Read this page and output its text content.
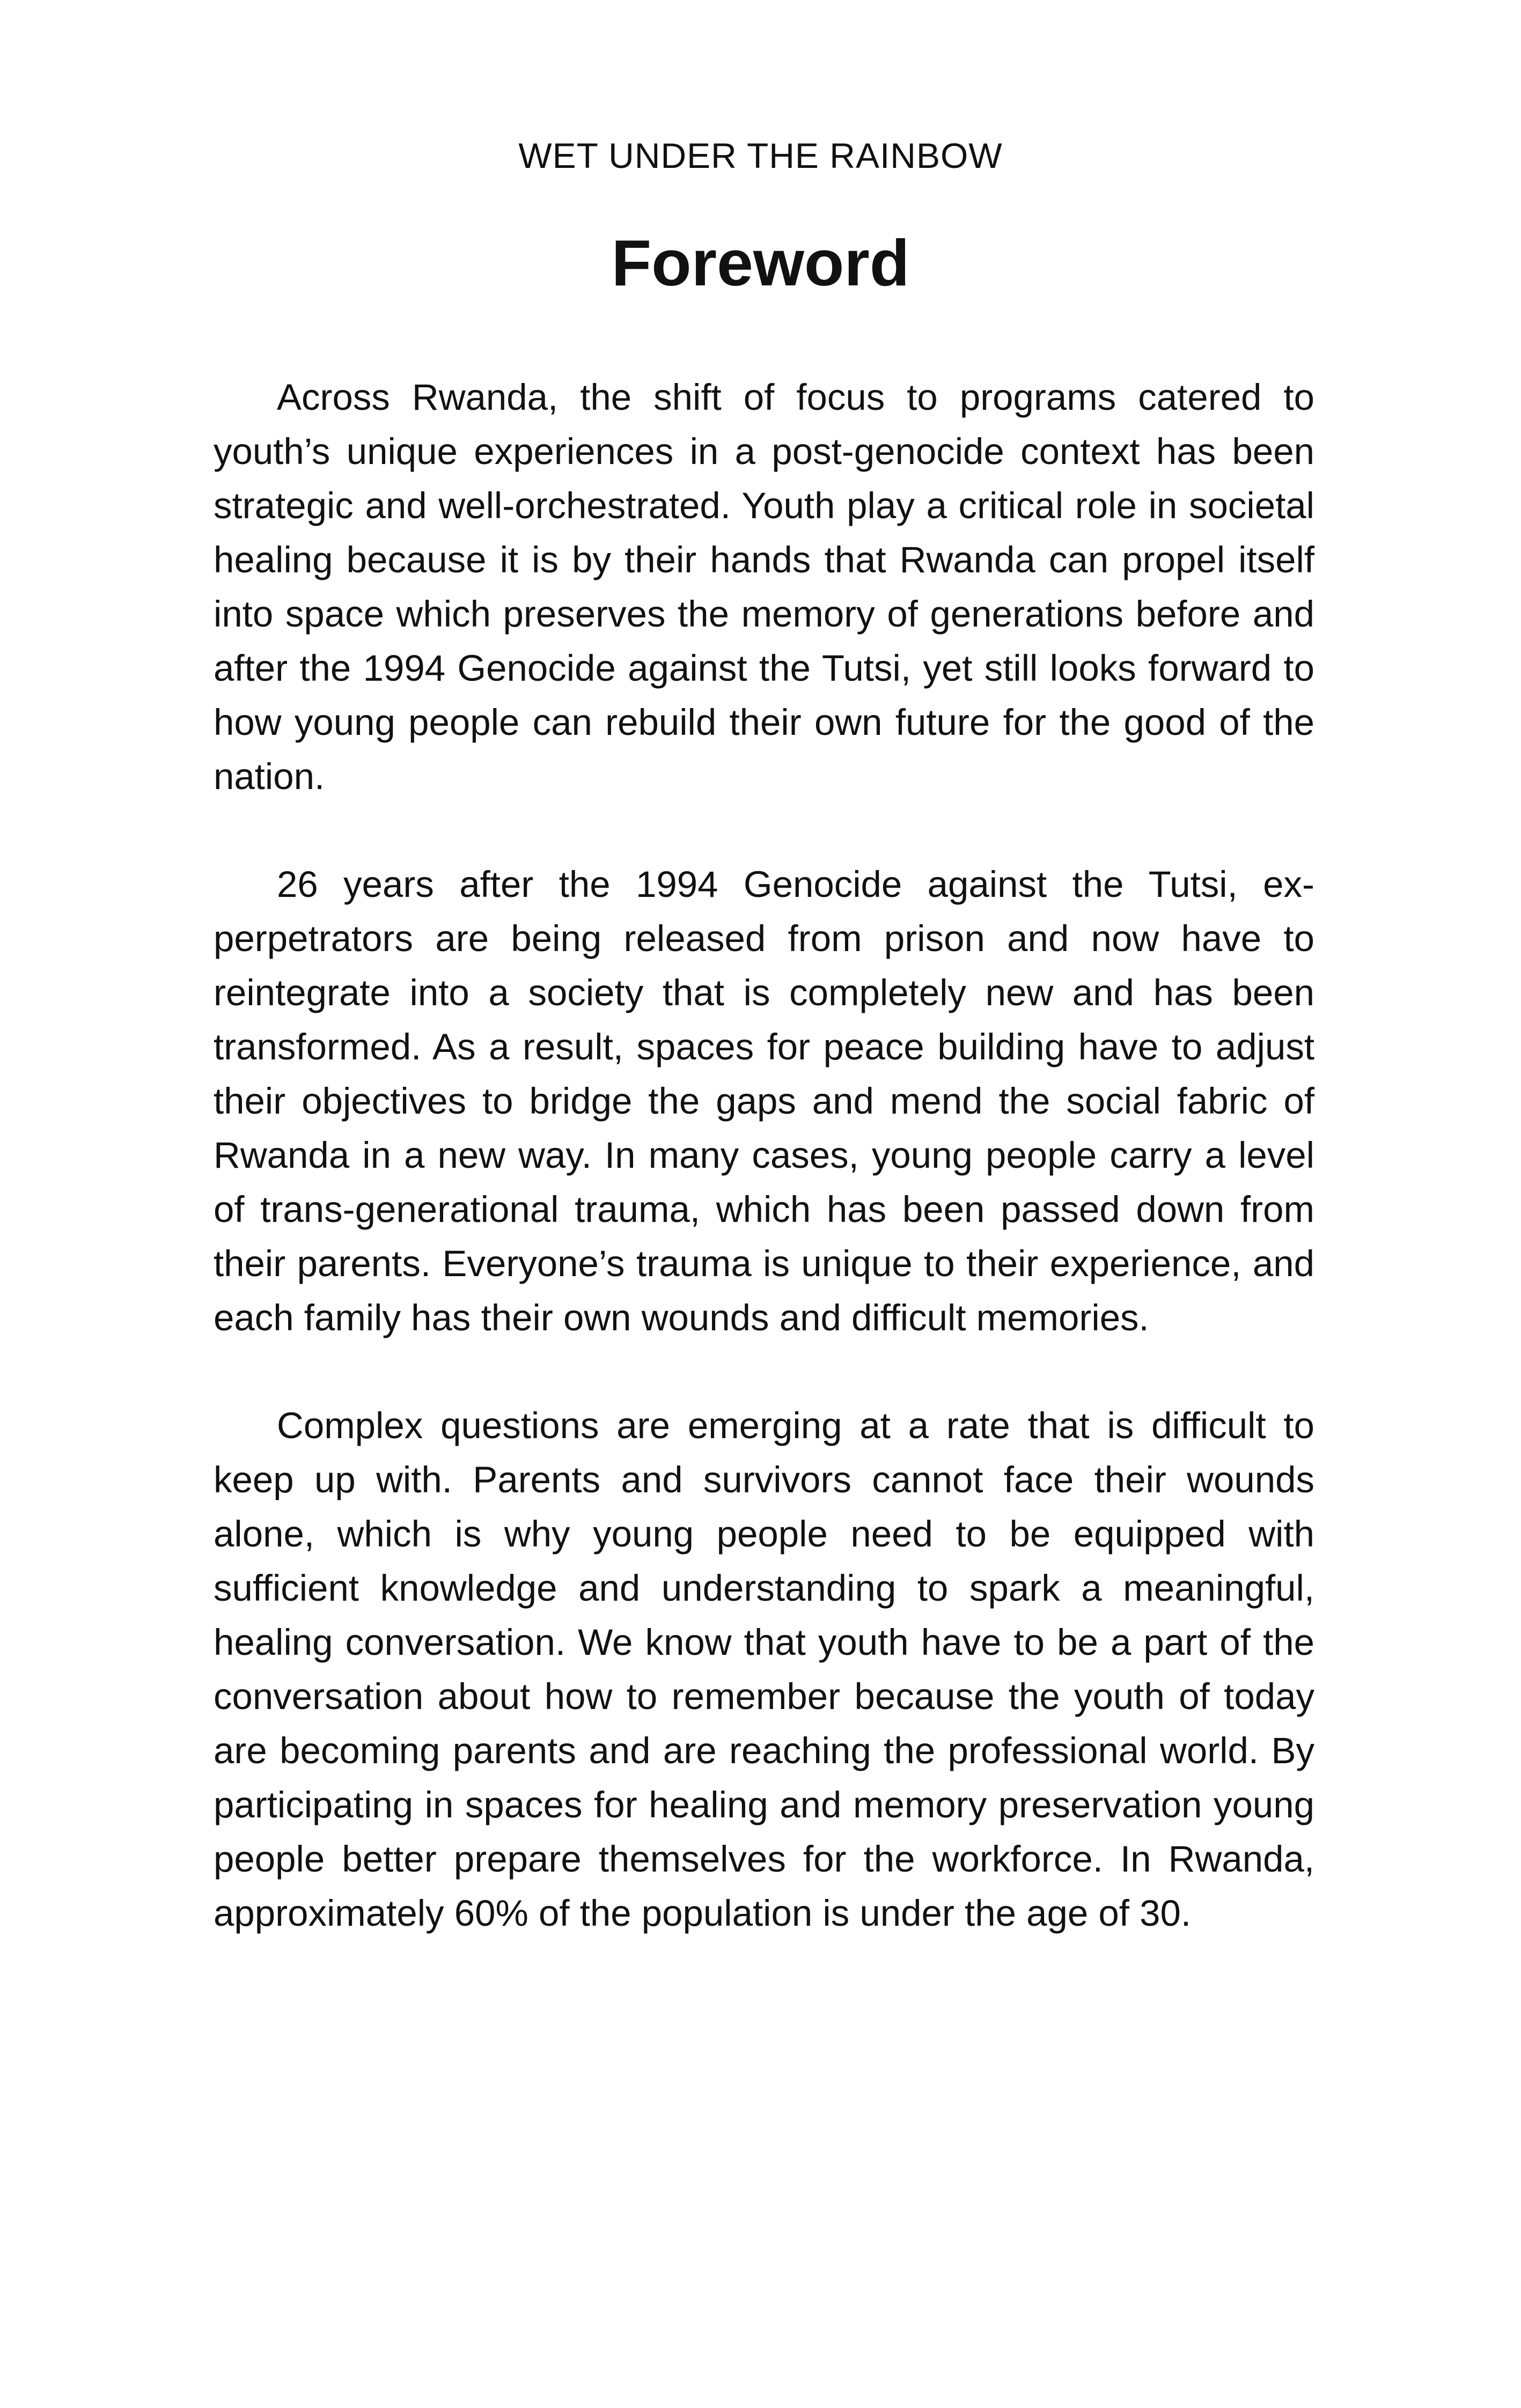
WET UNDER THE RAINBOW
Foreword

Across Rwanda, the shift of focus to programs catered to youth’s unique experiences in a post-genocide context has been strategic and well-orchestrated. Youth play a critical role in societal healing because it is by their hands that Rwanda can propel itself into space which preserves the memory of generations before and after the 1994 Genocide against the Tutsi, yet still looks forward to how young people can rebuild their own future for the good of the nation.

26 years after the 1994 Genocide against the Tutsi, ex-perpetrators are being released from prison and now have to reintegrate into a society that is completely new and has been transformed. As a result, spaces for peace building have to adjust their objectives to bridge the gaps and mend the social fabric of Rwanda in a new way. In many cases, young people carry a level of trans-generational trauma, which has been passed down from their parents. Everyone’s trauma is unique to their experience, and each family has their own wounds and difficult memories.

Complex questions are emerging at a rate that is difficult to keep up with. Parents and survivors cannot face their wounds alone, which is why young people need to be equipped with sufficient knowledge and understanding to spark a meaningful, healing conversation. We know that youth have to be a part of the conversation about how to remember because the youth of today are becoming parents and are reaching the professional world. By participating in spaces for healing and memory preservation young people better prepare themselves for the workforce. In Rwanda, approximately 60% of the population is under the age of 30.
